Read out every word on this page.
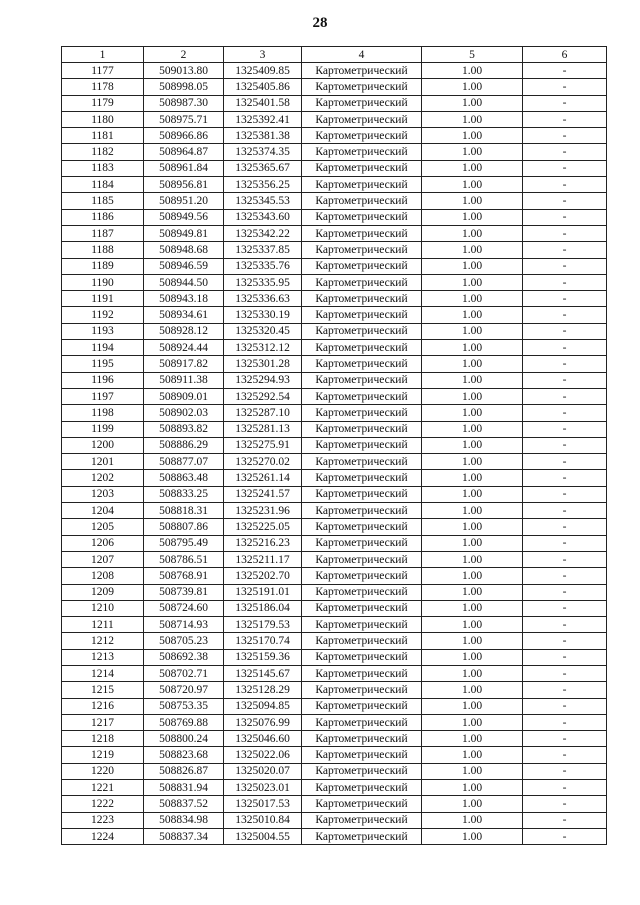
28
1	2	3	4	5	6
1177	509013.80	1325409.85	Картометрический	1.00	-
1178	508998.05	1325405.86	Картометрический	1.00	-
1179	508987.30	1325401.58	Картометрический	1.00	-
1180	508975.71	1325392.41	Картометрический	1.00	-
1181	508966.86	1325381.38	Картометрический	1.00	-
1182	508964.87	1325374.35	Картометрический	1.00	-
1183	508961.84	1325365.67	Картометрический	1.00	-
1184	508956.81	1325356.25	Картометрический	1.00	-
1185	508951.20	1325345.53	Картометрический	1.00	-
1186	508949.56	1325343.60	Картометрический	1.00	-
1187	508949.81	1325342.22	Картометрический	1.00	-
1188	508948.68	1325337.85	Картометрический	1.00	-
1189	508946.59	1325335.76	Картометрический	1.00	-
1190	508944.50	1325335.95	Картометрический	1.00	-
1191	508943.18	1325336.63	Картометрический	1.00	-
1192	508934.61	1325330.19	Картометрический	1.00	-
1193	508928.12	1325320.45	Картометрический	1.00	-
1194	508924.44	1325312.12	Картометрический	1.00	-
1195	508917.82	1325301.28	Картометрический	1.00	-
1196	508911.38	1325294.93	Картометрический	1.00	-
1197	508909.01	1325292.54	Картометрический	1.00	-
1198	508902.03	1325287.10	Картометрический	1.00	-
1199	508893.82	1325281.13	Картометрический	1.00	-
1200	508886.29	1325275.91	Картометрический	1.00	-
1201	508877.07	1325270.02	Картометрический	1.00	-
1202	508863.48	1325261.14	Картометрический	1.00	-
1203	508833.25	1325241.57	Картометрический	1.00	-
1204	508818.31	1325231.96	Картометрический	1.00	-
1205	508807.86	1325225.05	Картометрический	1.00	-
1206	508795.49	1325216.23	Картометрический	1.00	-
1207	508786.51	1325211.17	Картометрический	1.00	-
1208	508768.91	1325202.70	Картометрический	1.00	-
1209	508739.81	1325191.01	Картометрический	1.00	-
1210	508724.60	1325186.04	Картометрический	1.00	-
1211	508714.93	1325179.53	Картометрический	1.00	-
1212	508705.23	1325170.74	Картометрический	1.00	-
1213	508692.38	1325159.36	Картометрический	1.00	-
1214	508702.71	1325145.67	Картометрический	1.00	-
1215	508720.97	1325128.29	Картометрический	1.00	-
1216	508753.35	1325094.85	Картометрический	1.00	-
1217	508769.88	1325076.99	Картометрический	1.00	-
1218	508800.24	1325046.60	Картометрический	1.00	-
1219	508823.68	1325022.06	Картометрический	1.00	-
1220	508826.87	1325020.07	Картометрический	1.00	-
1221	508831.94	1325023.01	Картометрический	1.00	-
1222	508837.52	1325017.53	Картометрический	1.00	-
1223	508834.98	1325010.84	Картометрический	1.00	-
1224	508837.34	1325004.55	Картометрический	1.00	-
